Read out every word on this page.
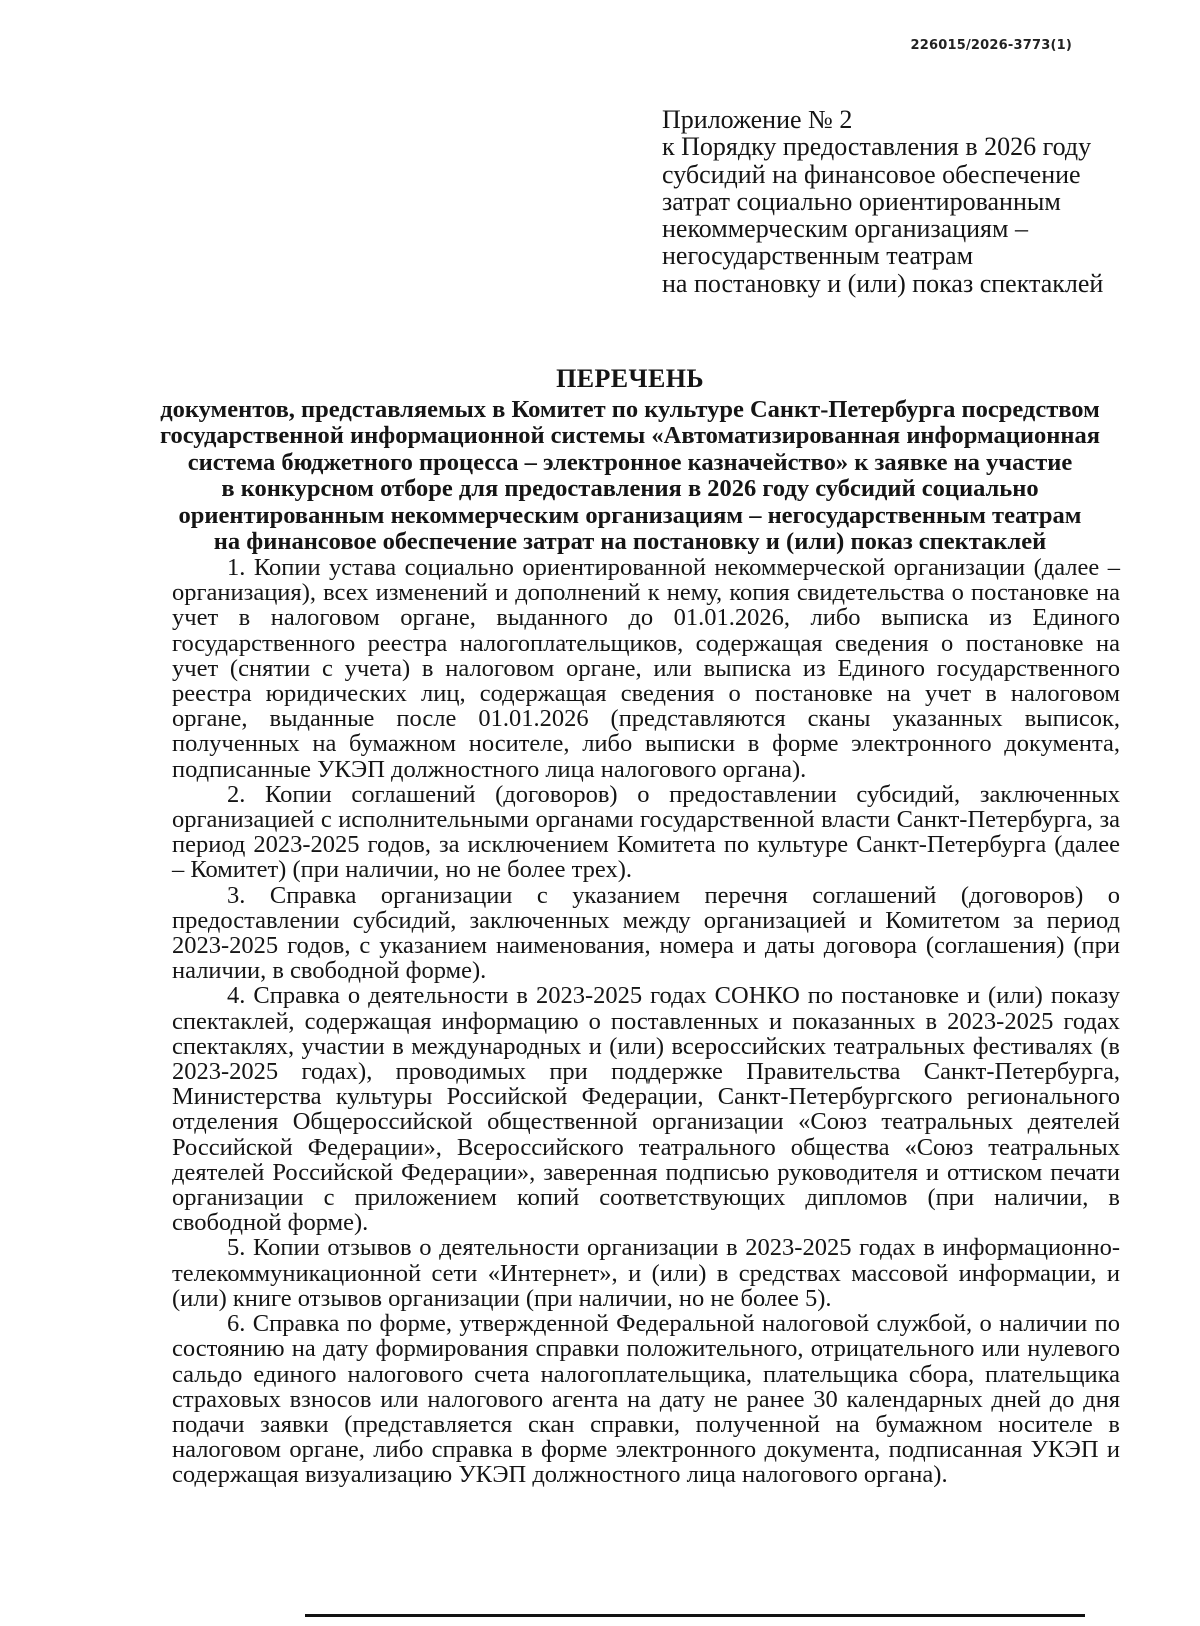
226015/2026-3773(1)
Приложение № 2
к Порядку предоставления в 2026 году
субсидий на финансовое обеспечение
затрат социально ориентированным
некоммерческим организациям –
негосударственным театрам
на постановку и (или) показ спектаклей
ПЕРЕЧЕНЬ
документов, представляемых в Комитет по культуре Санкт-Петербурга посредством
государственной информационной системы «Автоматизированная информационная
система бюджетного процесса – электронное казначейство» к заявке на участие
в конкурсном отборе для предоставления в 2026 году субсидий социально
ориентированным некоммерческим организациям – негосударственным театрам
на финансовое обеспечение затрат на постановку и (или) показ спектаклей

1. Копии устава социально ориентированной некоммерческой организации (далее – организация), всех изменений и дополнений к нему, копия свидетельства о постановке на учет в налоговом органе, выданного до 01.01.2026, либо выписка из Единого государственного реестра налогоплательщиков, содержащая сведения о постановке на учет (снятии с учета) в налоговом органе, или выписка из Единого государственного реестра юридических лиц, содержащая сведения о постановке на учет в налоговом органе, выданные после 01.01.2026 (представляются сканы указанных выписок, полученных на бумажном носителе, либо выписки в форме электронного документа, подписанные УКЭП должностного лица налогового органа).

2. Копии соглашений (договоров) о предоставлении субсидий, заключенных организацией с исполнительными органами государственной власти Санкт-Петербурга, за период 2023-2025 годов, за исключением Комитета по культуре Санкт-Петербурга (далее – Комитет) (при наличии, но не более трех).

3. Справка организации с указанием перечня соглашений (договоров) о предоставлении субсидий, заключенных между организацией и Комитетом за период 2023-2025 годов, с указанием наименования, номера и даты договора (соглашения) (при наличии, в свободной форме).

4. Справка о деятельности в 2023-2025 годах СОНКО по постановке и (или) показу спектаклей, содержащая информацию о поставленных и показанных в 2023-2025 годах спектаклях, участии в международных и (или) всероссийских театральных фестивалях (в 2023-2025 годах), проводимых при поддержке Правительства Санкт-Петербурга, Министерства культуры Российской Федерации, Санкт-Петербургского регионального отделения Общероссийской общественной организации «Союз театральных деятелей Российской Федерации», Всероссийского театрального общества «Союз театральных деятелей Российской Федерации», заверенная подписью руководителя и оттиском печати организации с приложением копий соответствующих дипломов (при наличии, в свободной форме).

5. Копии отзывов о деятельности организации в 2023-2025 годах в информационно-телекоммуникационной сети «Интернет», и (или) в средствах массовой информации, и (или) книге отзывов организации (при наличии, но не более 5).

6. Справка по форме, утвержденной Федеральной налоговой службой, о наличии по состоянию на дату формирования справки положительного, отрицательного или нулевого сальдо единого налогового счета налогоплательщика, плательщика сбора, плательщика страховых взносов или налогового агента на дату не ранее 30 календарных дней до дня подачи заявки (представляется скан справки, полученной на бумажном носителе в налоговом органе, либо справка в форме электронного документа, подписанная УКЭП и содержащая визуализацию УКЭП должностного лица налогового органа).
